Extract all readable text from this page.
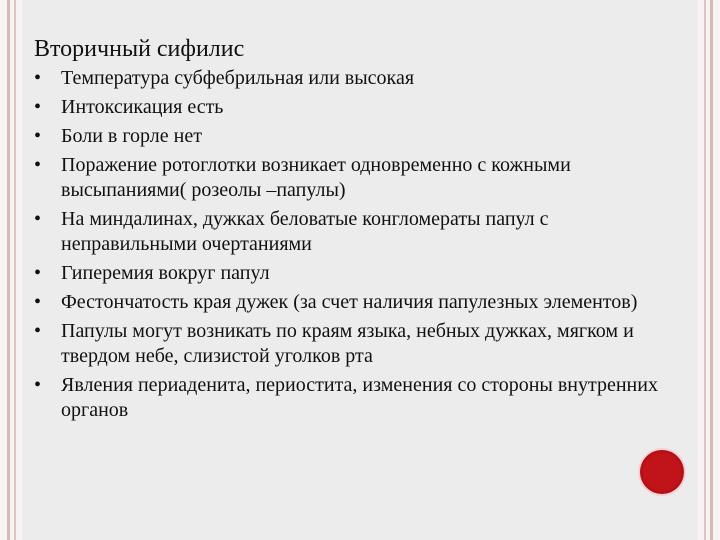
Вторичный сифилис
• Температура субфебрильная или высокая
• Интоксикация есть
• Боли в горле нет
• Поражение ротоглотки возникает одновременно с кожными высыпаниями( розеолы –папулы)
• На миндалинах, дужках беловатые конгломераты папул с неправильными очертаниями
• Гиперемия вокруг папул
• Фестончатость края дужек (за счет наличия папулезных элементов)
• Папулы могут возникать по краям языка, небных дужках, мягком и твердом небе, слизистой уголков рта
• Явления периаденита, периостита, изменения со стороны внутренних органов
